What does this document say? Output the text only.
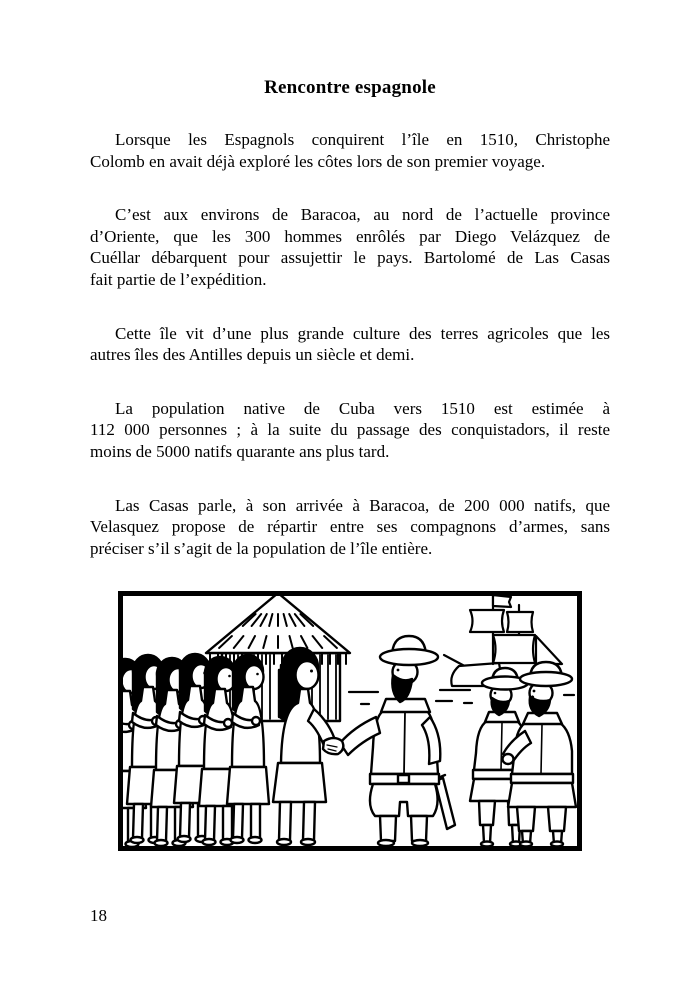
Rencontre espagnole
Lorsque les Espagnols conquirent l’île en 1510, Christophe
Colomb en avait déjà exploré les côtes lors de son premier voyage.
C’est aux environs de Baracoa, au nord de l’actuelle province
d’Oriente, que les 300 hommes enrôlés par Diego Velázquez de
Cuéllar débarquent pour assujettir le pays. Bartolomé de Las Casas
fait partie de l’expédition.
Cette île vit d’une plus grande culture des terres agricoles que les
autres îles des Antilles depuis un siècle et demi.
La population native de Cuba vers 1510 est estimée à
112 000 personnes ; à la suite du passage des conquistadors, il reste
moins de 5000 natifs quarante ans plus tard.
Las Casas parle, à son arrivée à Baracoa, de 200 000 natifs, que
Velasquez propose de répartir entre ses compagnons d’armes, sans
préciser s’il s’agit de la population de l’île entière.
18
